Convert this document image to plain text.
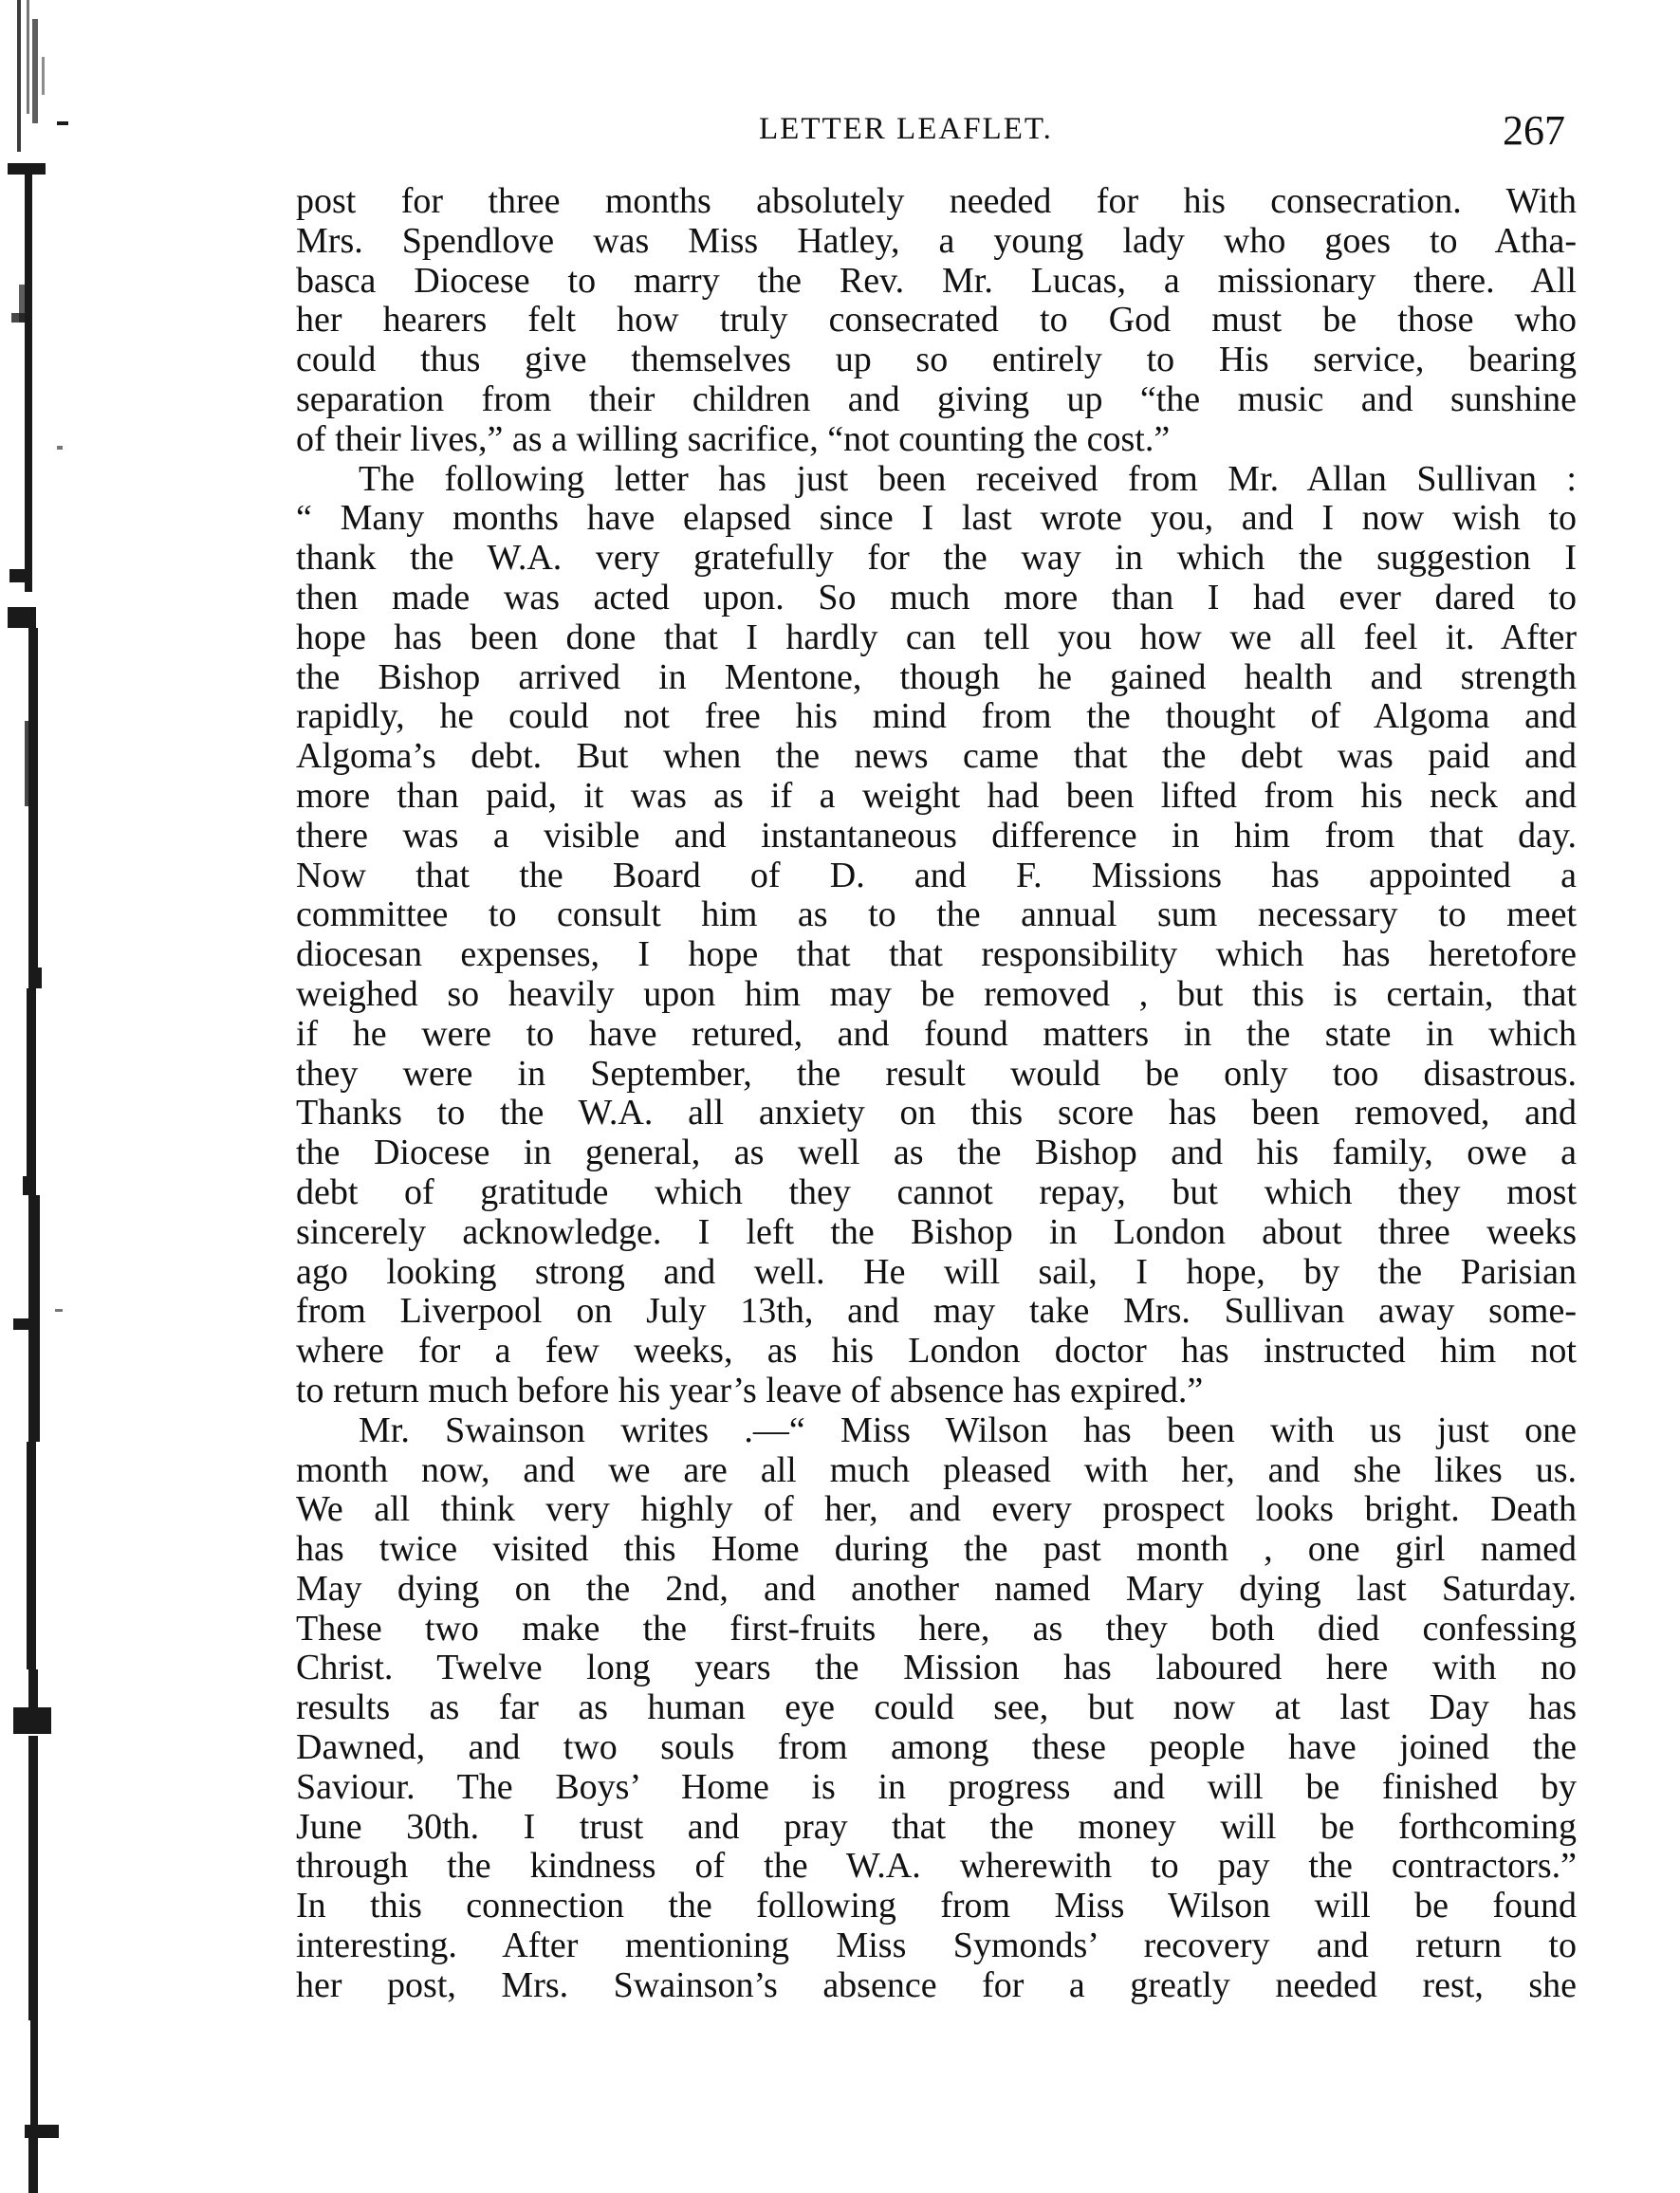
LETTER LEAFLET.	267
post for three months absolutely needed for his consecration. With
Mrs. Spendlove was Miss Hatley, a young lady who goes to Atha-
basca Diocese to marry the Rev. Mr. Lucas, a missionary there. All
her hearers felt how truly consecrated to God must be those who
could thus give themselves up so entirely to His service, bearing
separation from their children and giving up “the music and sunshine
of their lives,” as a willing sacrifice, “not counting the cost.”
The following letter has just been received from Mr. Allan Sullivan :
“ Many months have elapsed since I last wrote you, and I now wish to
thank the W.A. very gratefully for the way in which the suggestion I
then made was acted upon. So much more than I had ever dared to
hope has been done that I hardly can tell you how we all feel it. After
the Bishop arrived in Mentone, though he gained health and strength
rapidly, he could not free his mind from the thought of Algoma and
Algoma’s debt. But when the news came that the debt was paid and
more than paid, it was as if a weight had been lifted from his neck and
there was a visible and instantaneous difference in him from that day.
Now that the Board of D. and F. Missions has appointed a
committee to consult him as to the annual sum necessary to meet
diocesan expenses, I hope that that responsibility which has heretofore
weighed so heavily upon him may be removed , but this is certain, that
if he were to have retured, and found matters in the state in which
they were in September, the result would be only too disastrous.
Thanks to the W.A. all anxiety on this score has been removed, and
the Diocese in general, as well as the Bishop and his family, owe a
debt of gratitude which they cannot repay, but which they most
sincerely acknowledge. I left the Bishop in London about three weeks
ago looking strong and well. He will sail, I hope, by the Parisian
from Liverpool on July 13th, and may take Mrs. Sullivan away some-
where for a few weeks, as his London doctor has instructed him not
to return much before his year’s leave of absence has expired.”
Mr. Swainson writes .—“ Miss Wilson has been with us just one
month now, and we are all much pleased with her, and she likes us.
We all think very highly of her, and every prospect looks bright. Death
has twice visited this Home during the past month , one girl named
May dying on the 2nd, and another named Mary dying last Saturday.
These two make the first-fruits here, as they both died confessing
Christ. Twelve long years the Mission has laboured here with no
results as far as human eye could see, but now at last Day has
Dawned, and two souls from among these people have joined the
Saviour. The Boys’ Home is in progress and will be finished by
June 30th. I trust and pray that the money will be forthcoming
through the kindness of the W.A. wherewith to pay the contractors.”
In this connection the following from Miss Wilson will be found
interesting. After mentioning Miss Symonds’ recovery and return to
her post, Mrs. Swainson’s absence for a greatly needed rest, she
